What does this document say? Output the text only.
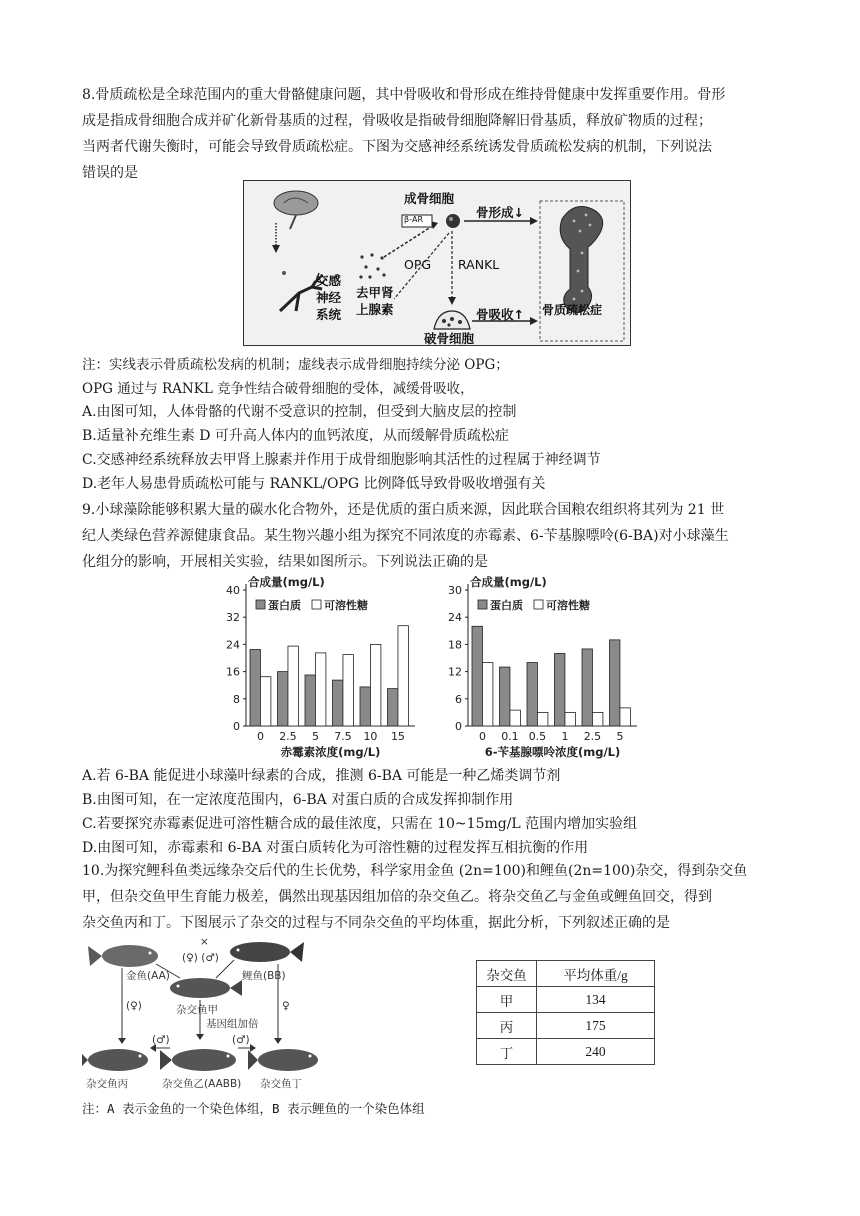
8.骨质疏松是全球范围内的重大骨骼健康问题，其中骨吸收和骨形成在维持骨健康中发挥重要作用。骨形
成是指成骨细胞合成并矿化新骨基质的过程，骨吸收是指破骨细胞降解旧骨基质，释放矿物质的过程；
当两者代谢失衡时，可能会导致骨质疏松症。下图为交感神经系统诱发骨质疏松发病的机制，下列说法
错误的是
成骨细胞
β-AR	骨形成↓
交感
神经
系统
去甲肾
上腺素
OPG RANKL
破骨细胞
骨吸收↑ 骨质疏松症
注：实线表示骨质疏松发病的机制；虚线表示成骨细胞持续分泌 OPG；
OPG 通过与 RANKL 竞争性结合破骨细胞的受体，减缓骨吸收，
A.由图可知，人体骨骼的代谢不受意识的控制，但受到大脑皮层的控制
B.适量补充维生素 D 可升高人体内的血钙浓度，从而缓解骨质疏松症
C.交感神经系统释放去甲肾上腺素并作用于成骨细胞影响其活性的过程属于神经调节
D.老年人易患骨质疏松可能与 RANKL/OPG 比例降低导致骨吸收增强有关
9.小球藻除能够积累大量的碳水化合物外，还是优质的蛋白质来源，因此联合国粮农组织将其列为 21 世
纪人类绿色营养源健康食品。某生物兴趣小组为探究不同浓度的赤霉素、6-苄基腺嘌呤(6-BA)对小球藻生
化组分的影响，开展相关实验，结果如图所示。下列说法正确的是
0
8
16
24
32
40
合成量(mg/L)
蛋白质 可溶性糖
0 2.5 5 7.5 10 15
赤霉素浓度(mg/L)
0
6
12
18
24
30
合成量(mg/L)
蛋白质 可溶性糖
0 0.1 0.5 1 2.5 5
6-苄基腺嘌呤浓度(mg/L)
A.若 6-BA 能促进小球藻叶绿素的合成，推测 6-BA 可能是一种乙烯类调节剂
B.由图可知，在一定浓度范围内，6-BA 对蛋白质的合成发挥抑制作用
C.若要探究赤霉素促进可溶性糖合成的最佳浓度，只需在 10~15mg/L 范围内增加实验组
D.由图可知，赤霉素和 6-BA 对蛋白质转化为可溶性糖的过程发挥互相抗衡的作用
10.为探究鲤科鱼类远缘杂交后代的生长优势，科学家用金鱼 (2n=100)和鲤鱼(2n=100)杂交，得到杂交鱼
甲，但杂交鱼甲生育能力极差，偶然出现基因组加倍的杂交鱼乙。将杂交鱼乙与金鱼或鲤鱼回交，得到
杂交鱼丙和丁。下图展示了杂交的过程与不同杂交鱼的平均体重，据此分析，下列叙述正确的是
金鱼(AA)	鲤鱼(BB)
×
(♀) (♂)
杂交鱼甲
基因组加倍
(♀)	♀
(♂)	(♂)
杂交鱼丙	杂交鱼乙(AABB) 杂交鱼丁
杂交鱼	平均体重/g
甲	134
丙	175
丁	240
注：A 表示金鱼的一个染色体组，B 表示鲤鱼的一个染色体组
